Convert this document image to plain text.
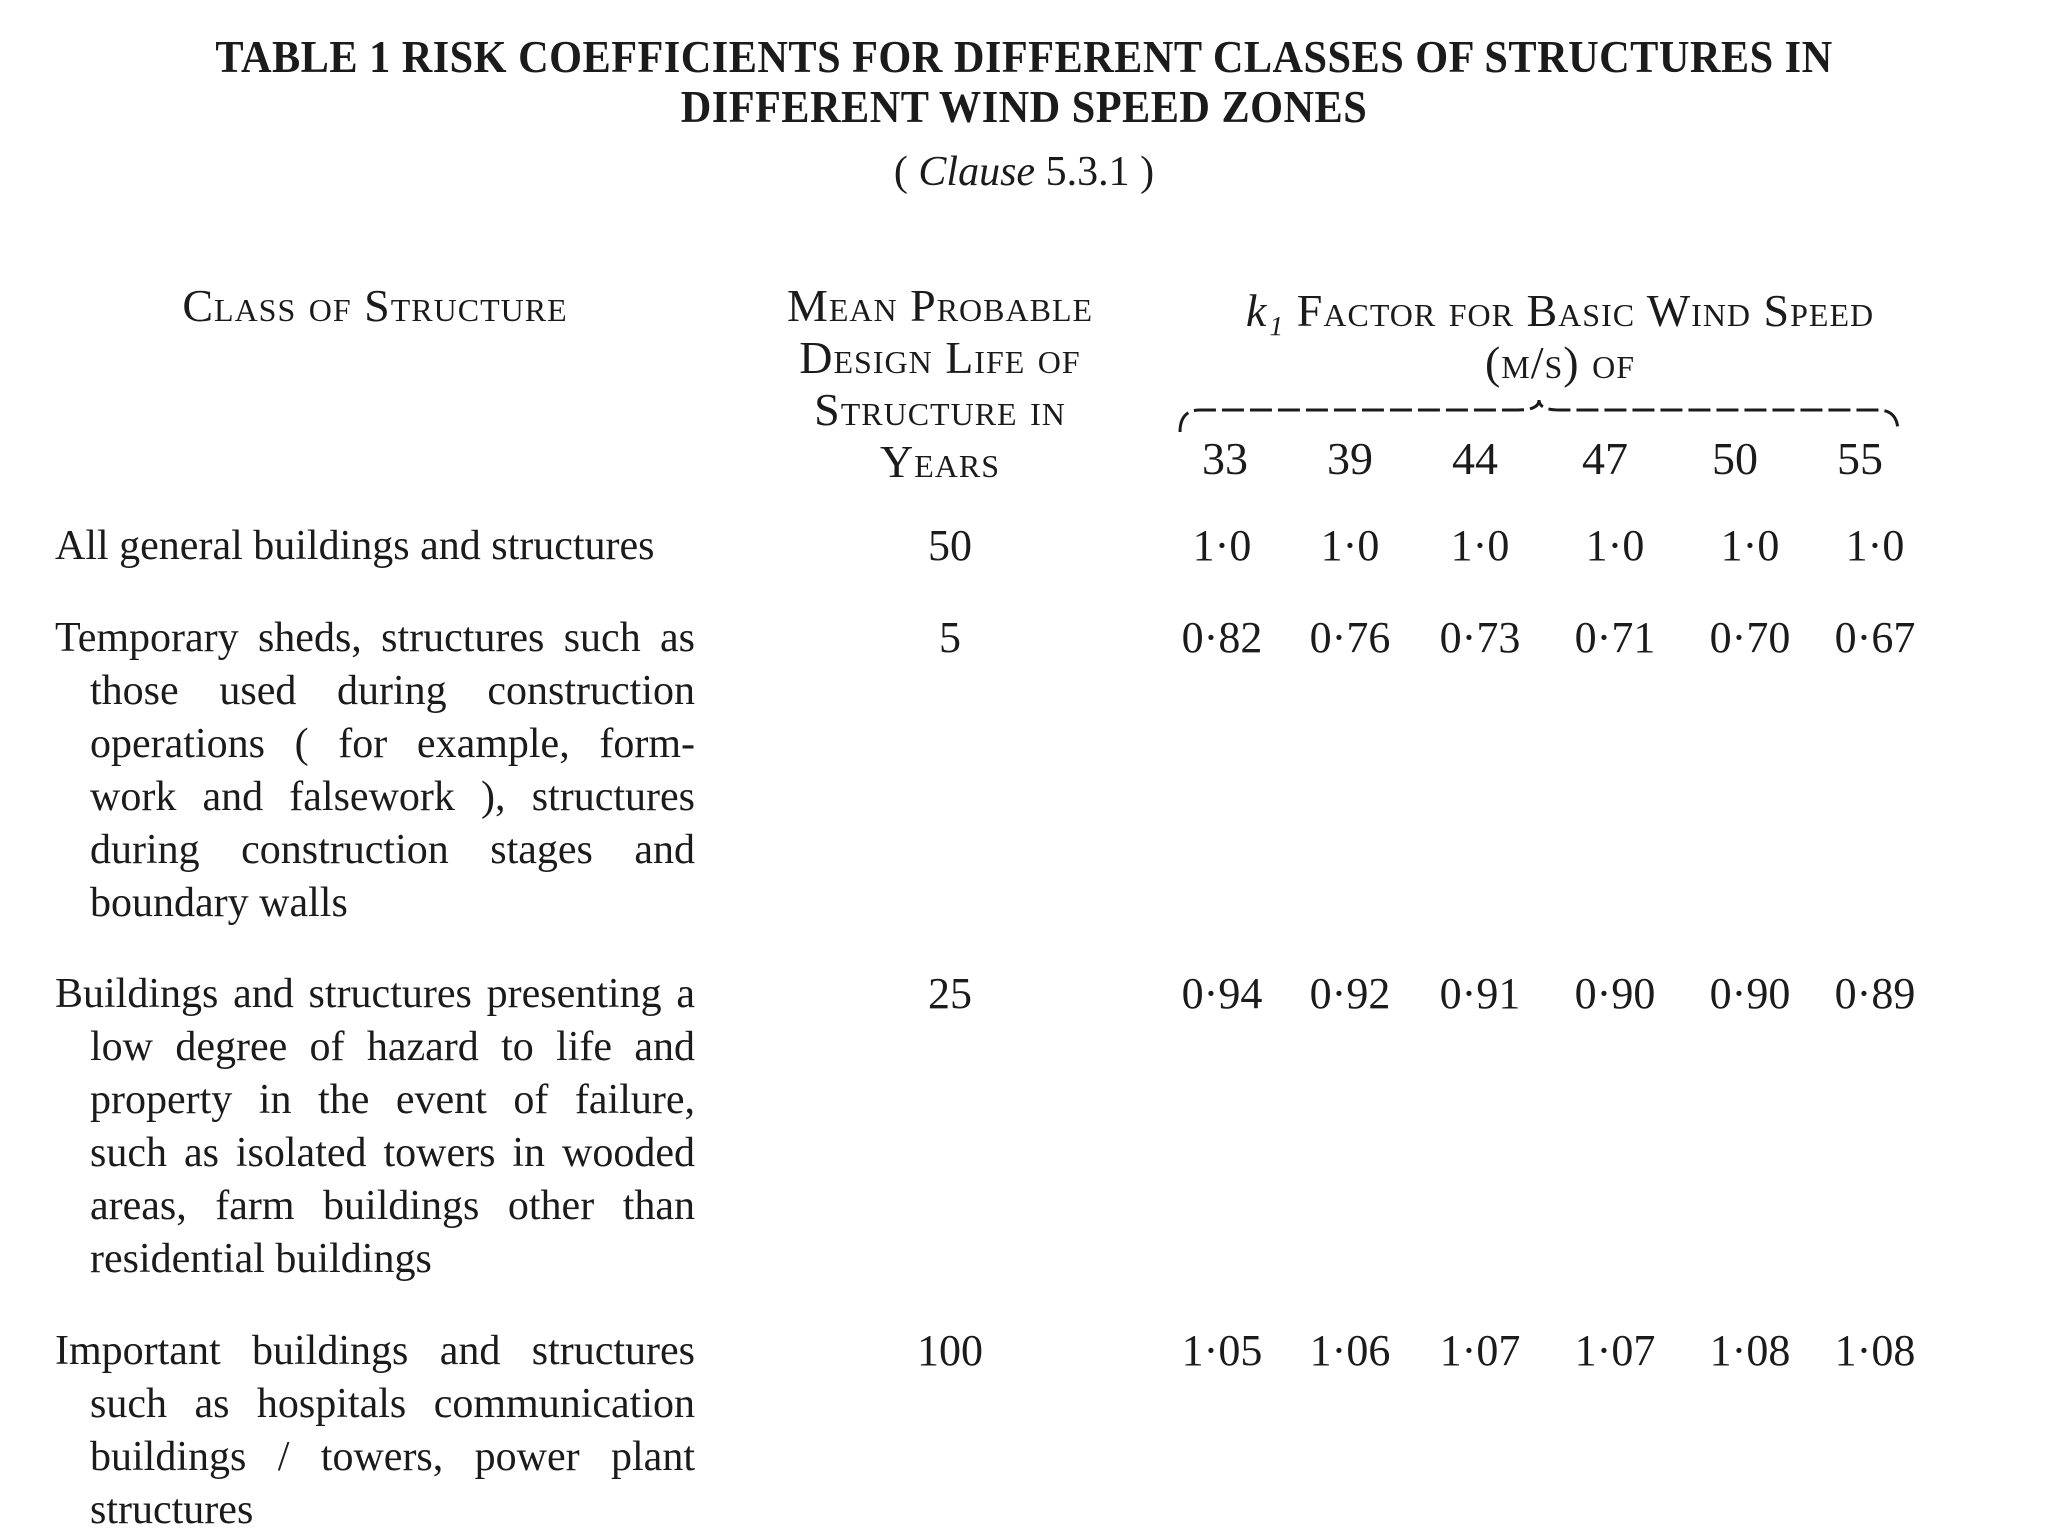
TABLE 1 RISK COEFFICIENTS FOR DIFFERENT CLASSES OF STRUCTURES IN
DIFFERENT WIND SPEED ZONES
( Clause 5.3.1 )
Class of Structure	Mean Probable
Design Life of
Structure in
Years
k₁ Factor for Basic Wind Speed
(m/s) of
33	39	44	47	50	55
All general buildings and structures	50	1·0	1·0	1·0	1·0	1·0	1·0
Temporary sheds, structures such as those used during construction operations ( for example, form-work and falsework ), structures during construction stages and boundary walls
5	0·82	0·76	0·73	0·71	0·70	0·67
Buildings and structures presenting a low degree of hazard to life and property in the event of failure, such as isolated towers in wooded areas, farm buildings other than residential buildings
25	0·94	0·92	0·91	0·90	0·90	0·89
Important buildings and structures such as hospitals communication buildings / towers, power plant structures
100	1·05	1·06	1·07	1·07	1·08	1·08
